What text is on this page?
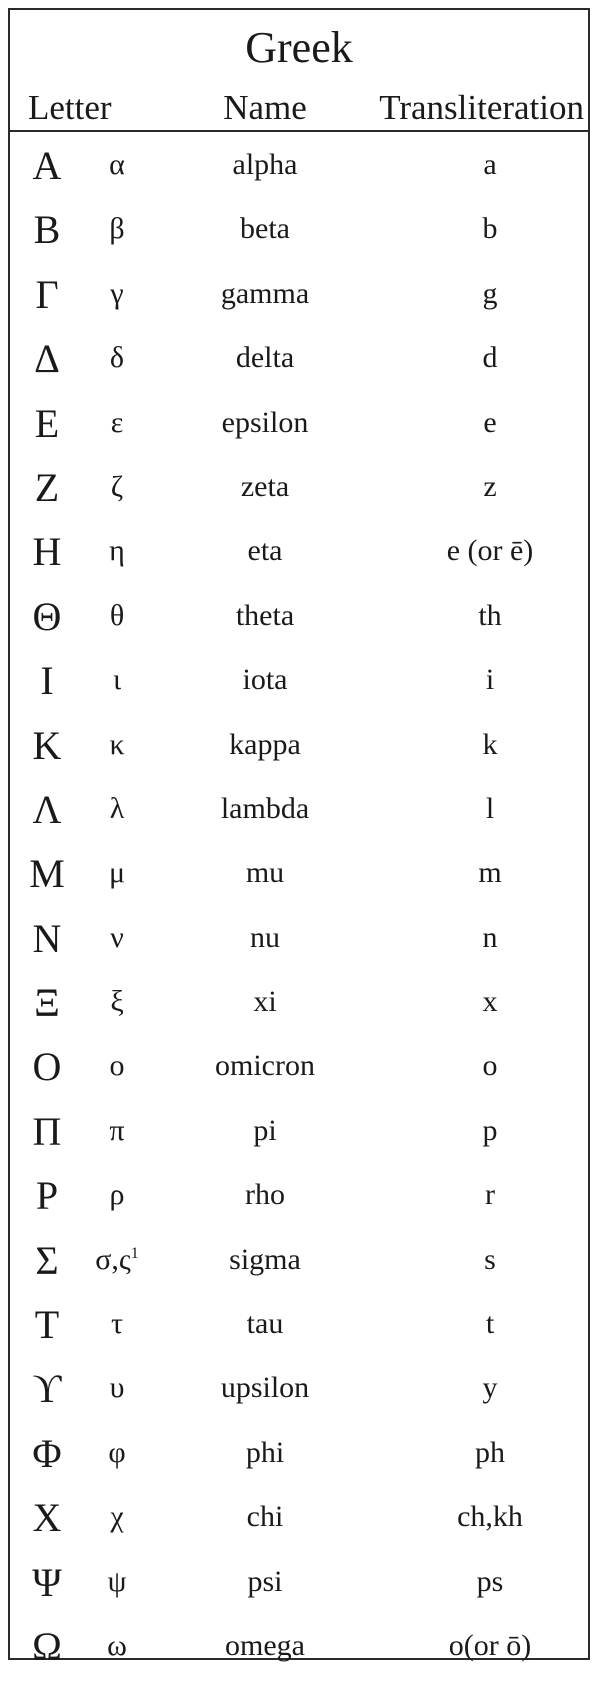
Greek
Letter	Name	Transliteration
Α	α	alpha	a
Β	β	beta	b
Γ	γ	gamma	g
Δ	δ	delta	d
Ε	ε	epsilon	e
Ζ	ζ	zeta	z
Η	η	eta	e (or ē)
Θ	θ	theta	th
Ι	ι	iota	i
Κ	κ	kappa	k
Λ	λ	lambda	l
Μ	μ	mu	m
Ν	ν	nu	n
Ξ	ξ	xi	x
Ο	ο	omicron	o
Π	π	pi	p
Ρ	ρ	rho	r
Σ	$\sigma,\varsigma^1$	sigma	s
Τ	τ	tau	t
ϒ	υ	upsilon	y
Φ	φ	phi	ph
Χ	χ	chi	ch,kh
Ψ	ψ	psi	ps
Ω	ω	omega	o(or ō)
